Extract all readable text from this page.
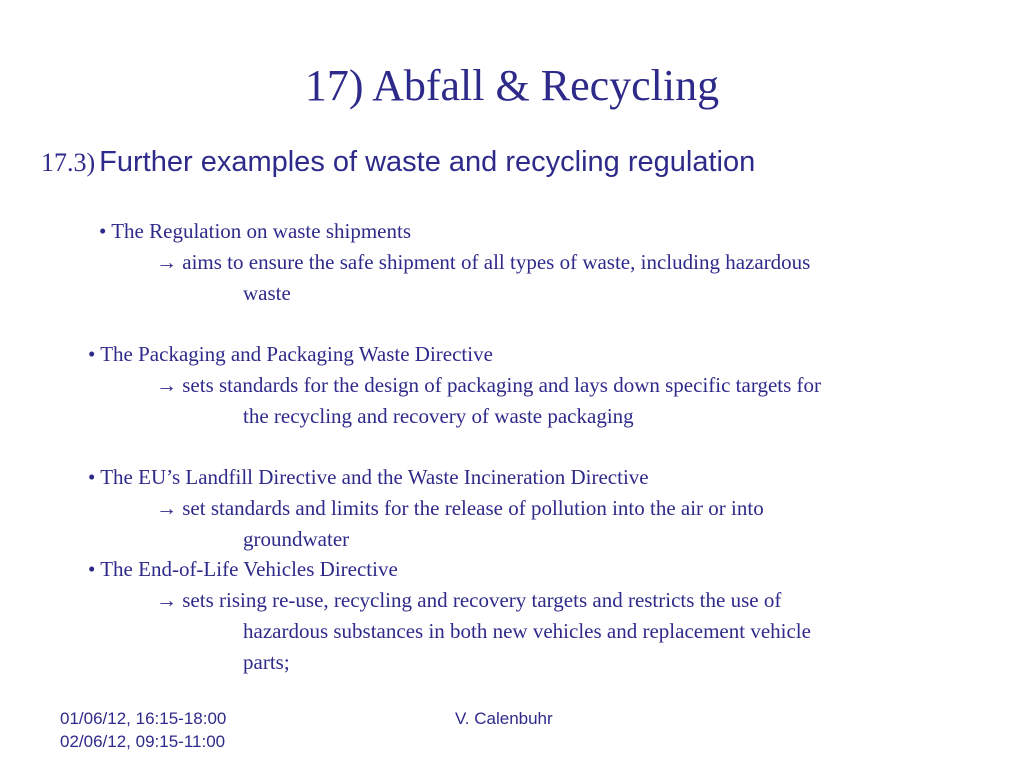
17) Abfall & Recycling
17.3) Further examples of waste and recycling regulation
• The Regulation on waste shipments
→ aims to ensure the safe shipment of all types of waste, including hazardous
waste
• The Packaging and Packaging Waste Directive
→ sets standards for the design of packaging and lays down specific targets for
the recycling and recovery of waste packaging
• The EU’s Landfill Directive and the Waste Incineration Directive
→ set standards and limits for the release of pollution into the air or into
groundwater
• The End-of-Life Vehicles Directive
→ sets rising re-use, recycling and recovery targets and restricts the use of
hazardous substances in both new vehicles and replacement vehicle
parts;
01/06/12, 16:15-18:00
02/06/12, 09:15-11:00
V. Calenbuhr
